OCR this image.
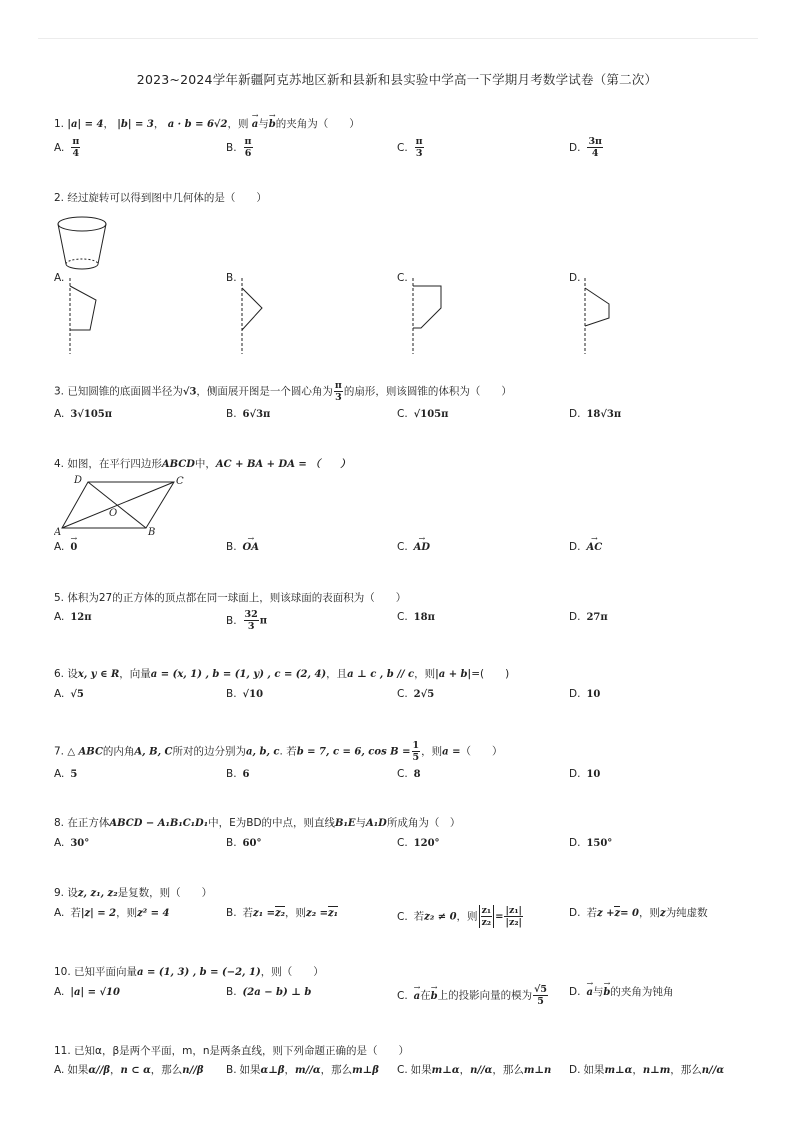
2023~2024学年新疆阿克苏地区新和县新和县实验中学高一下学期月考数学试卷（第二次）
1. |a| = 4， |b| = 3， a · b = 6√2，则 → a与→ b的夹角为（　　）
A. $\frac{\pi}{4}$	B. $\frac{\pi}{6}$	C. $\frac{\pi}{3}$	D. $\frac{3\pi}{4}$
2. 经过旋转可以得到图中几何体的是（　　）
A.	B.	C.	D.
3. 已知圆锥的底面圆半径为√3，侧面展开图是一个圆心角为 $\frac{\pi}{3}$ 的扇形，则该圆锥的体积为（　　）
A. 3√105π	B. 6√3π	C. √105π	D. 18√3π
4. 如图，在平行四边形ABCD中，AC + BA + DA = （　　）
D	C
A	B
O
A.→ 0	B.→ OA	C.→ AD	D.→ AC
5. 体积为27的正方体的顶点都在同一球面上，则该球面的表面积为（　　）
A. 12π	B. $\frac{32}{3}$ π	C. 18π	D. 27π
6. 设x, y ∈ R，向量a = (x, 1) , b = (1, y) , c = (2, 4)，且a ⊥ c , b // c，则|a + b|=(　　)
A. √5	B. √10	C. 2√5	D. 10
7. △ ABC的内角A, B, C所对的边分别为a, b, c. 若b = 7, c = 6, $\cos B = \frac{1}{5}$ ，则a =（　　）
A. 5	B. 6	C. 8	D. 10
8. 在正方体ABCD − A₁B₁C₁D₁中，E为BD的中点，则直线B₁E与A₁D所成角为（　）
A. 30°	B. 60°	C. 120°	D. 150°
9. 设z, z₁, z₂是复数，则（　　）
A. 若|z| = 2，则z² = 4	B. 若z₁ =z₂，则z₂ =z₁	C. 若z₂ ≠ 0，则 $\frac{\text{z₁}}{\text{z₂}} = \frac{\text{|z₁|}}{\text{|z₂|}}$	D. 若z +z= 0，则z为纯虚数
10. 已知平面向量a = (1, 3) , b = (−2, 1)，则（　　）
A. |a| = √10	B. (2a − b) ⊥ b	C.→ a在→ b上的投影向量的模为 $\frac{√5}{5} D.\to a$与→ b的夹角为钝角
11. 已知α，β是两个平面，m，n是两条直线，则下列命题正确的是（　　）
A. 如果α//β，n ⊂ α，那么n//β B. 如果α⊥β，m//α，那么m⊥β C. 如果m⊥α，n//α，那么m⊥n D. 如果m⊥α，n⊥m，那么n//α
